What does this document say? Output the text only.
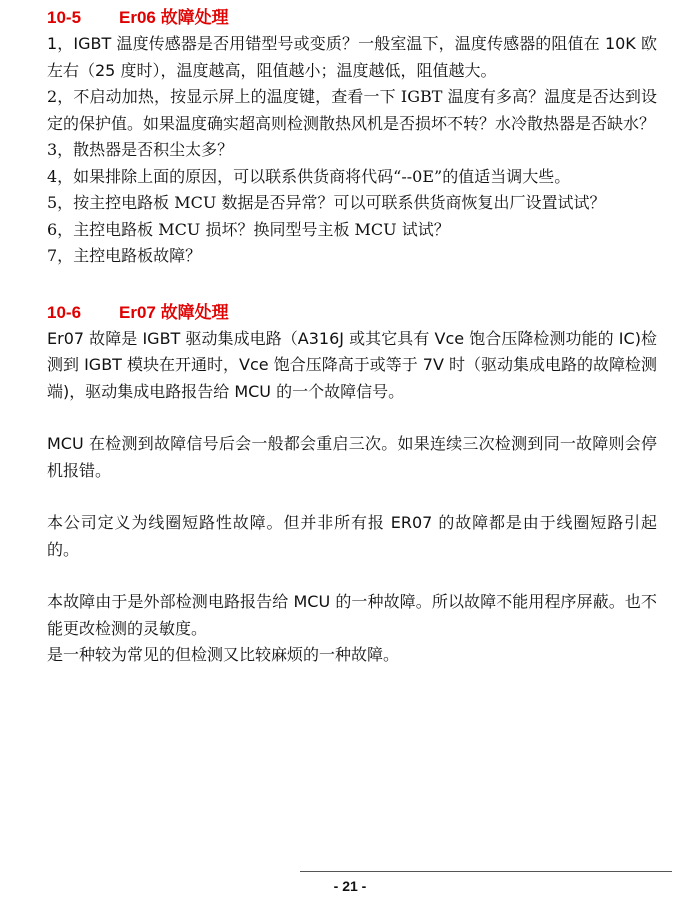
10-5 Er06 故障处理

1，IGBT 温度传感器是否用错型号或变质？一般室温下，温度传感器的阻值在 10K 欧左右（25 度时），温度越高，阻值越小；温度越低，阻值越大。

2，不启动加热，按显示屏上的温度键，查看一下 IGBT 温度有多高？温度是否达到设定的保护值。如果温度确实超高则检测散热风机是否损坏不转？水冷散热器是否缺水？

3，散热器是否积尘太多？

4，如果排除上面的原因，可以联系供货商将代码“--0E”的值适当调大些。

5，按主控电路板 MCU 数据是否异常？可以可联系供货商恢复出厂设置试试？

6，主控电路板 MCU 损坏？换同型号主板 MCU 试试？

7，主控电路板故障？

10-6 Er07 故障处理

Er07 故障是 IGBT 驱动集成电路（A316J 或其它具有 Vce 饱合压降检测功能的 IC)检测到 IGBT 模块在开通时，Vce 饱合压降高于或等于 7V 时（驱动集成电路的故障检测端)，驱动集成电路报告给 MCU 的一个故障信号。

MCU 在检测到故障信号后会一般都会重启三次。如果连续三次检测到同一故障则会停机报错。

本公司定义为线圈短路性故障。但并非所有报 ER07 的故障都是由于线圈短路引起的。

本故障由于是外部检测电路报告给 MCU 的一种故障。所以故障不能用程序屏蔽。也不能更改检测的灵敏度。

是一种较为常见的但检测又比较麻烦的一种故障。

- 21 -
